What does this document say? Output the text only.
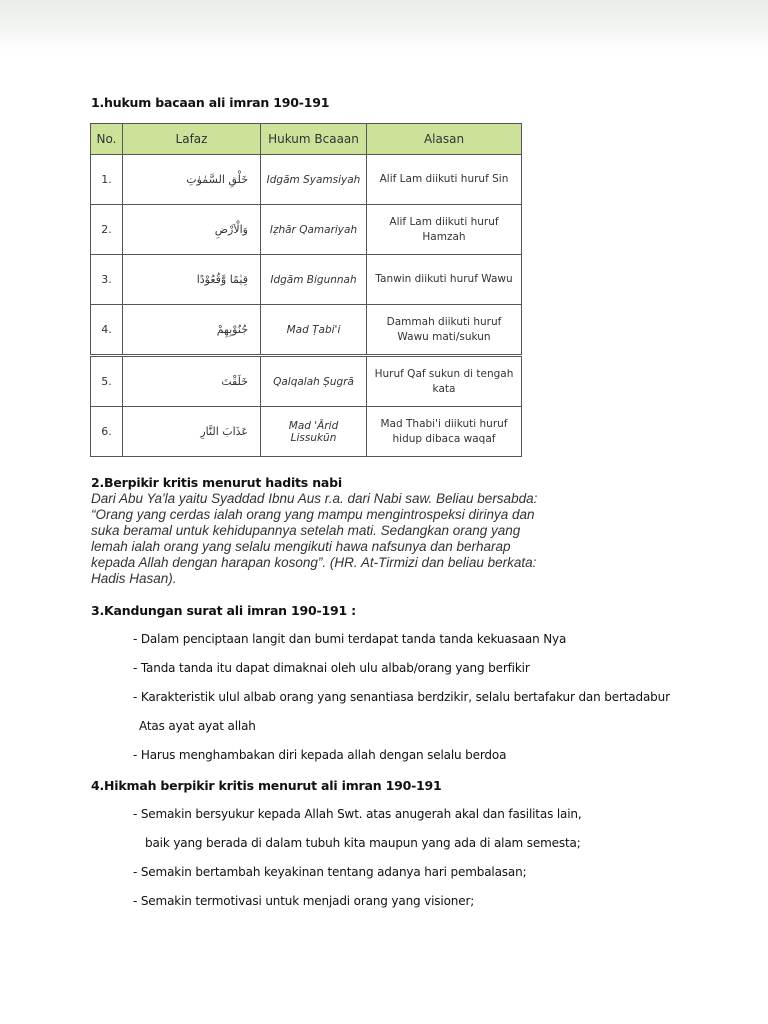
1.hukum bacaan ali imran 190-191
No.	Lafaz	Hukum Bcaaan	Alasan
1.	خَلْقِ السَّمٰوٰتِ	Idgām Syamsiyah	Alif Lam diikuti huruf Sin
2.	وَالْاَرْضِ	Iẓhār Qamariyah	Alif Lam diikuti huruf Hamzah
3.	قِيٰمًا وَّقُعُوْدًا	Idgām Bigunnah	Tanwin diikuti huruf Wawu
4.	جُنُوْبِهِمْ	Mad Ṭabi'i	Dammah diikuti huruf Wawu mati/sukun
5.	خَلَقْتَ	Qalqalah Ṣugrā	Huruf Qaf sukun di tengah kata
6.	عَذَابَ النَّارِ	Mad 'Ārid Lissukūn	Mad Thabi'i diikuti huruf hidup dibaca waqaf
2.Berpikir kritis menurut hadits nabi
Dari Abu Ya'la yaitu Syaddad Ibnu Aus r.a. dari Nabi saw. Beliau bersabda:
“Orang yang cerdas ialah orang yang mampu mengintrospeksi dirinya dan
suka beramal untuk kehidupannya setelah mati. Sedangkan orang yang
lemah ialah orang yang selalu mengikuti hawa nafsunya dan berharap
kepada Allah dengan harapan kosong”. (HR. At-Tirmizi dan beliau berkata:
Hadis Hasan).
3.Kandungan surat ali imran 190-191 :
- Dalam penciptaan langit dan bumi terdapat tanda tanda kekuasaan Nya
- Tanda tanda itu dapat dimaknai oleh ulu albab/orang yang berfikir
- Karakteristik ulul albab orang yang senantiasa berdzikir, selalu bertafakur dan bertadabur
Atas ayat ayat allah
- Harus menghambakan diri kepada allah dengan selalu berdoa
4.Hikmah berpikir kritis menurut ali imran 190-191
- Semakin bersyukur kepada Allah Swt. atas anugerah akal dan fasilitas lain,
baik yang berada di dalam tubuh kita maupun yang ada di alam semesta;
- Semakin bertambah keyakinan tentang adanya hari pembalasan;
- Semakin termotivasi untuk menjadi orang yang visioner;
